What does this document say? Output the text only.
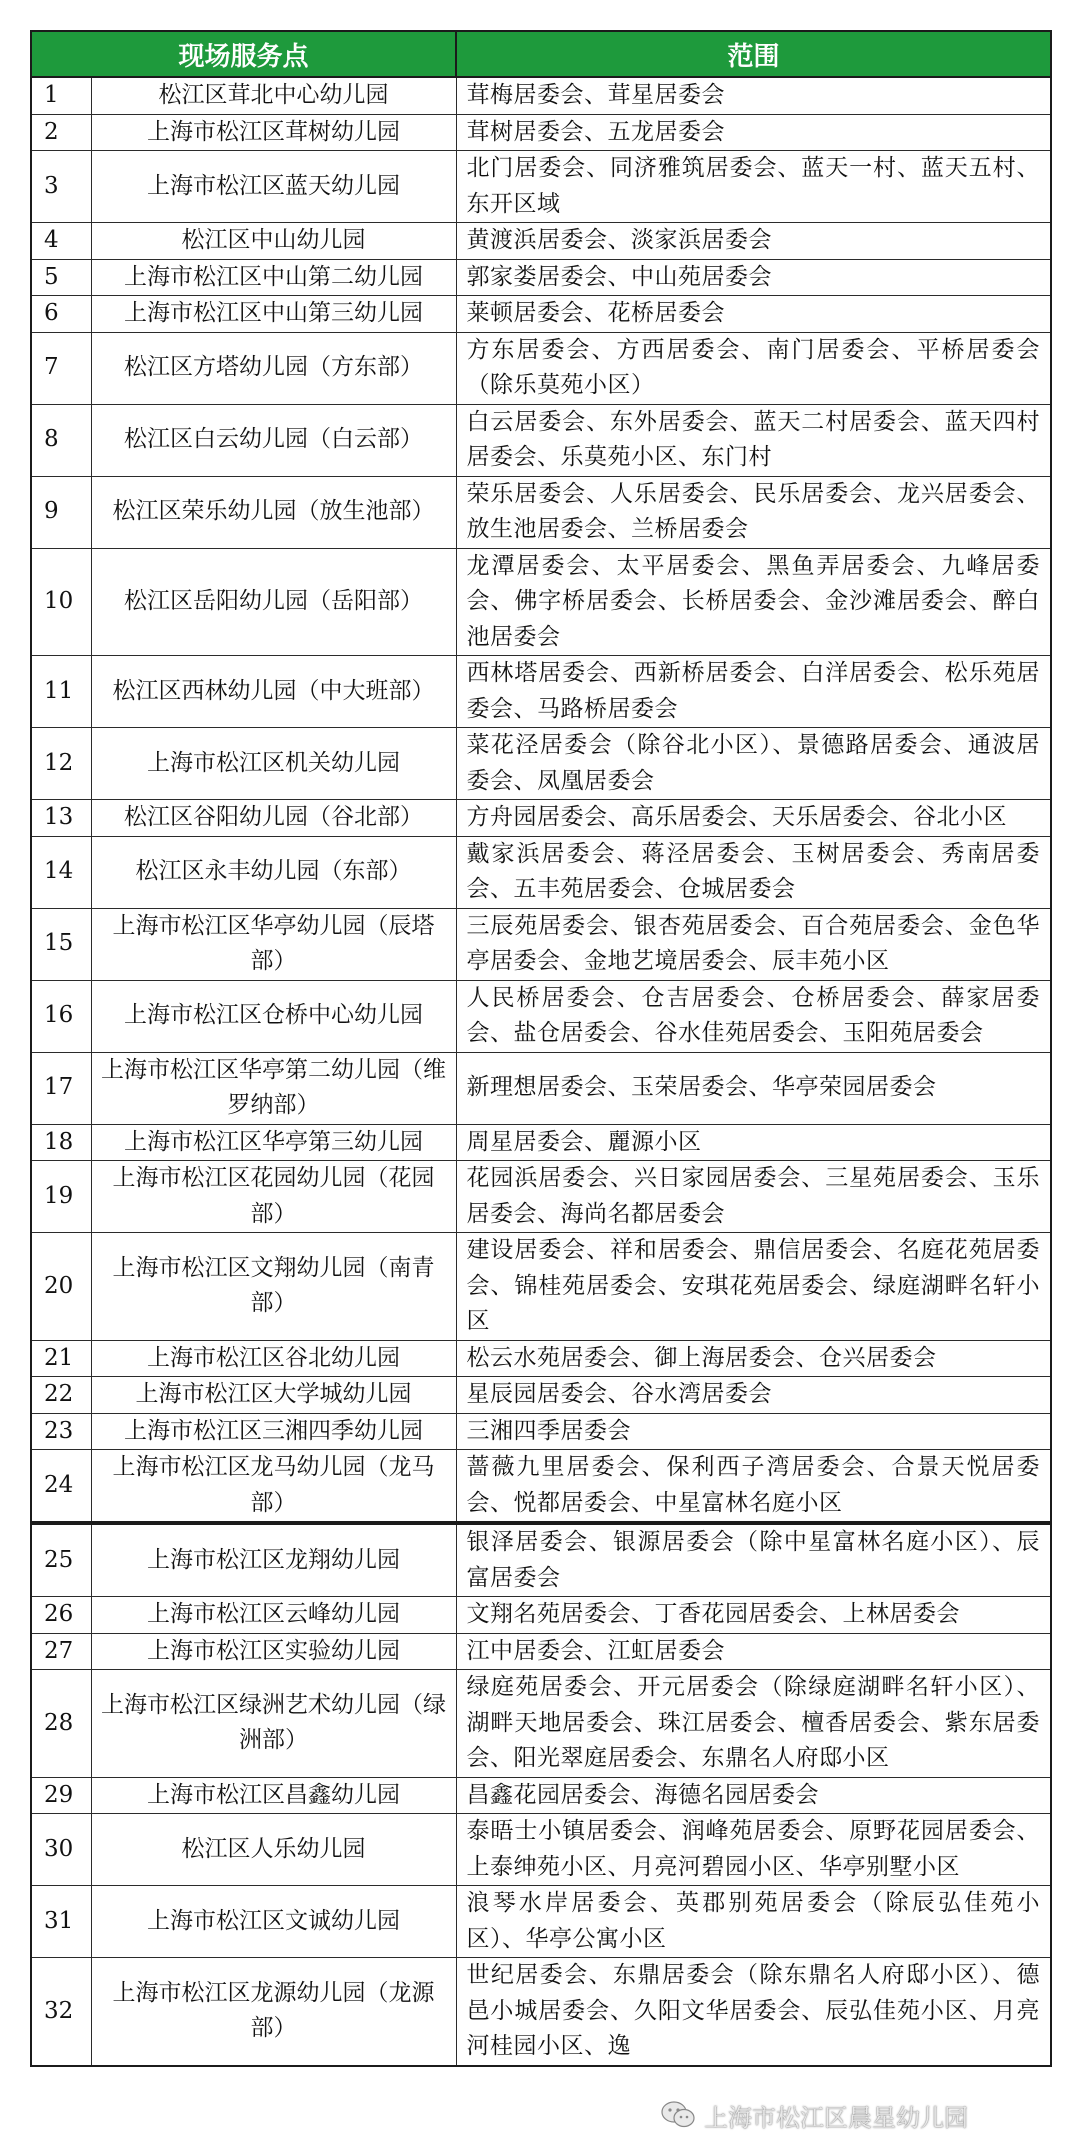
现场服务点		范围
1	松江区茸北中心幼儿园	茸梅居委会、茸星居委会
2	上海市松江区茸树幼儿园	茸树居委会、五龙居委会
3	上海市松江区蓝天幼儿园	北门居委会、同济雅筑居委会、蓝天一村、蓝天五村、东开区域
4	松江区中山幼儿园	黄渡浜居委会、淡家浜居委会
5	上海市松江区中山第二幼儿园	郭家娄居委会、中山苑居委会
6	上海市松江区中山第三幼儿园	莱顿居委会、花桥居委会
7	松江区方塔幼儿园（方东部）	方东居委会、方西居委会、南门居委会、平桥居委会（除乐莫苑小区）
8	松江区白云幼儿园（白云部）	白云居委会、东外居委会、蓝天二村居委会、蓝天四村居委会、乐莫苑小区、东门村
9	松江区荣乐幼儿园（放生池部）	荣乐居委会、人乐居委会、民乐居委会、龙兴居委会、放生池居委会、兰桥居委会
10	松江区岳阳幼儿园（岳阳部）	龙潭居委会、太平居委会、黑鱼弄居委会、九峰居委会、佛字桥居委会、长桥居委会、金沙滩居委会、醉白池居委会
11	松江区西林幼儿园（中大班部）	西林塔居委会、西新桥居委会、白洋居委会、松乐苑居委会、马路桥居委会
12	上海市松江区机关幼儿园	菜花泾居委会（除谷北小区）、景德路居委会、通波居委会、凤凰居委会
13	松江区谷阳幼儿园（谷北部）	方舟园居委会、高乐居委会、天乐居委会、谷北小区
14	松江区永丰幼儿园（东部）	戴家浜居委会、蒋泾居委会、玉树居委会、秀南居委会、五丰苑居委会、仓城居委会
15	上海市松江区华亭幼儿园（辰塔部）	三辰苑居委会、银杏苑居委会、百合苑居委会、金色华亭居委会、金地艺境居委会、辰丰苑小区
16	上海市松江区仓桥中心幼儿园	人民桥居委会、仓吉居委会、仓桥居委会、薛家居委会、盐仓居委会、谷水佳苑居委会、玉阳苑居委会
17	上海市松江区华亭第二幼儿园（维罗纳部）	新理想居委会、玉荣居委会、华亭荣园居委会
18	上海市松江区华亭第三幼儿园	周星居委会、麗源小区
19	上海市松江区花园幼儿园（花园部）	花园浜居委会、兴日家园居委会、三星苑居委会、玉乐居委会、海尚名都居委会
20	上海市松江区文翔幼儿园（南青部）	建设居委会、祥和居委会、鼎信居委会、名庭花苑居委会、锦桂苑居委会、安琪花苑居委会、绿庭湖畔名轩小区
21	上海市松江区谷北幼儿园	松云水苑居委会、御上海居委会、仓兴居委会
22	上海市松江区大学城幼儿园	星辰园居委会、谷水湾居委会
23	上海市松江区三湘四季幼儿园	三湘四季居委会
24	上海市松江区龙马幼儿园（龙马部）	蔷薇九里居委会、保利西子湾居委会、合景天悦居委会、悦都居委会、中星富林名庭小区
25	上海市松江区龙翔幼儿园	银泽居委会、银源居委会（除中星富林名庭小区）、辰富居委会
26	上海市松江区云峰幼儿园	文翔名苑居委会、丁香花园居委会、上林居委会
27	上海市松江区实验幼儿园	江中居委会、江虹居委会
28	上海市松江区绿洲艺术幼儿园（绿洲部）	绿庭苑居委会、开元居委会（除绿庭湖畔名轩小区）、湖畔天地居委会、珠江居委会、檀香居委会、紫东居委会、阳光翠庭居委会、东鼎名人府邸小区
29	上海市松江区昌鑫幼儿园	昌鑫花园居委会、海德名园居委会
30	松江区人乐幼儿园	泰晤士小镇居委会、润峰苑居委会、原野花园居委会、上泰绅苑小区、月亮河碧园小区、华亭别墅小区
31	上海市松江区文诚幼儿园	浪琴水岸居委会、英郡别苑居委会（除辰弘佳苑小区）、华亭公寓小区
32	上海市松江区龙源幼儿园（龙源部）	世纪居委会、东鼎居委会（除东鼎名人府邸小区）、德邑小城居委会、久阳文华居委会、辰弘佳苑小区、月亮河桂园小区、逸
上海市松江区晨星幼儿园
